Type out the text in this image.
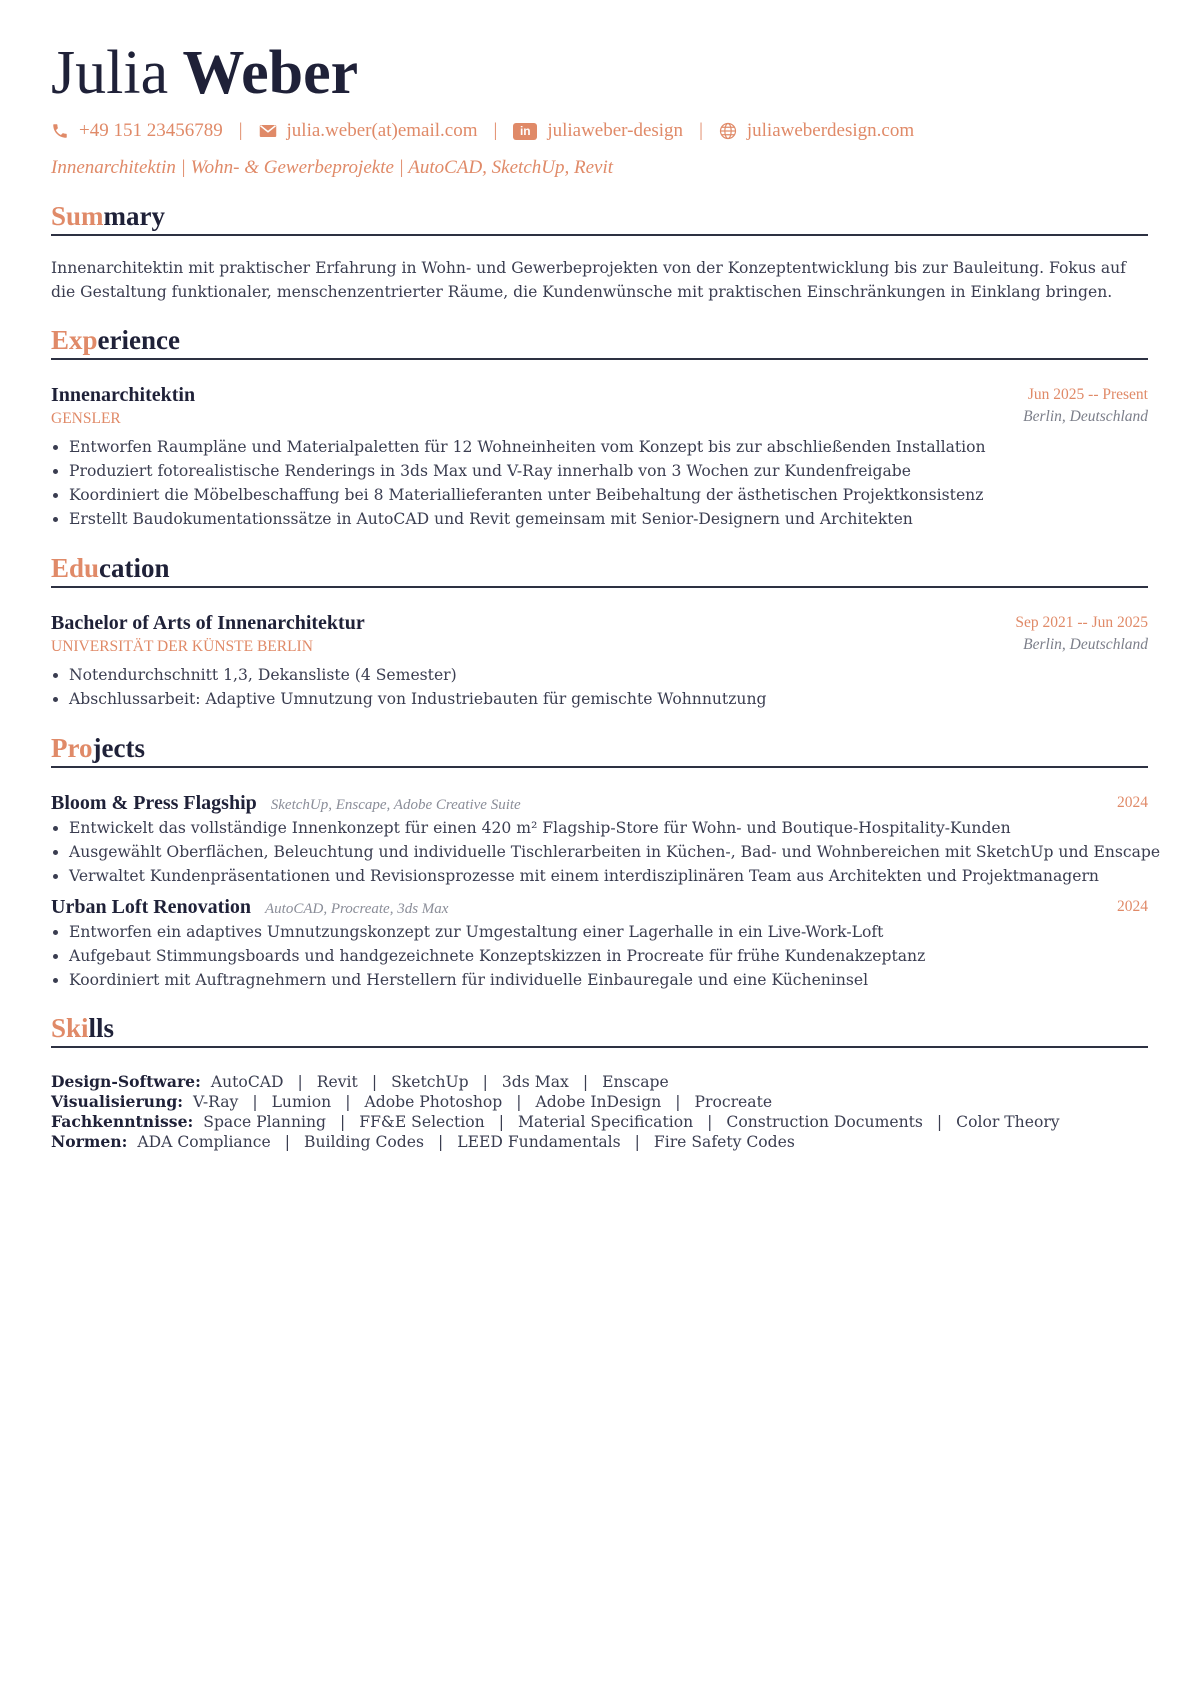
Julia Weber
+49 151 23456789 | julia.weber(at)email.com |	in juliaweber-design | juliaweberdesign.com
Innenarchitektin | Wohn- & Gewerbeprojekte | AutoCAD, SketchUp, Revit
Summary

Innenarchitektin mit praktischer Erfahrung in Wohn- und Gewerbeprojekten von der Konzeptentwicklung bis zur Bauleitung. Fokus auf die Gestaltung funktionaler, menschenzentrierter Räume, die Kundenwünsche mit praktischen Einschränkungen in Einklang bringen.

Experience
Innenarchitektin
GENSLER
Jun 2025 -- Present
Berlin, Deutschland
Entworfen Raumpläne und Materialpaletten für 12 Wohneinheiten vom Konzept bis zur abschließenden Installation
Produziert fotorealistische Renderings in 3ds Max und V-Ray innerhalb von 3 Wochen zur Kundenfreigabe
Koordiniert die Möbelbeschaffung bei 8 Materiallieferanten unter Beibehaltung der ästhetischen Projektkonsistenz
Erstellt Baudokumentationssätze in AutoCAD und Revit gemeinsam mit Senior-Designern und Architekten
Education
Bachelor of Arts of Innenarchitektur
UNIVERSITÄT DER KÜNSTE BERLIN
Sep 2021 -- Jun 2025
Berlin, Deutschland
Notendurchschnitt 1,3, Dekansliste (4 Semester)
Abschlussarbeit: Adaptive Umnutzung von Industriebauten für gemischte Wohnnutzung
Projects
Bloom & Press Flagship SketchUp, Enscape, Adobe Creative Suite	2024
Entwickelt das vollständige Innenkonzept für einen 420 m² Flagship-Store für Wohn- und Boutique-Hospitality-Kunden
Ausgewählt Oberflächen, Beleuchtung und individuelle Tischlerarbeiten in Küchen-, Bad- und Wohnbereichen mit SketchUp und Enscape
Verwaltet Kundenpräsentationen und Revisionsprozesse mit einem interdisziplinären Team aus Architekten und Projektmanagern
Urban Loft Renovation AutoCAD, Procreate, 3ds Max	2024
Entworfen ein adaptives Umnutzungskonzept zur Umgestaltung einer Lagerhalle in ein Live-Work-Loft
Aufgebaut Stimmungsboards und handgezeichnete Konzeptskizzen in Procreate für frühe Kundenakzeptanz
Koordiniert mit Auftragnehmern und Herstellern für individuelle Einbauregale und eine Kücheninsel
Skills
Design-Software: AutoCAD | Revit | SketchUp | 3ds Max | Enscape
Visualisierung: V-Ray | Lumion | Adobe Photoshop | Adobe InDesign | Procreate
Fachkenntnisse: Space Planning | FF&E Selection | Material Specification | Construction Documents | Color Theory
Normen: ADA Compliance | Building Codes | LEED Fundamentals | Fire Safety Codes
